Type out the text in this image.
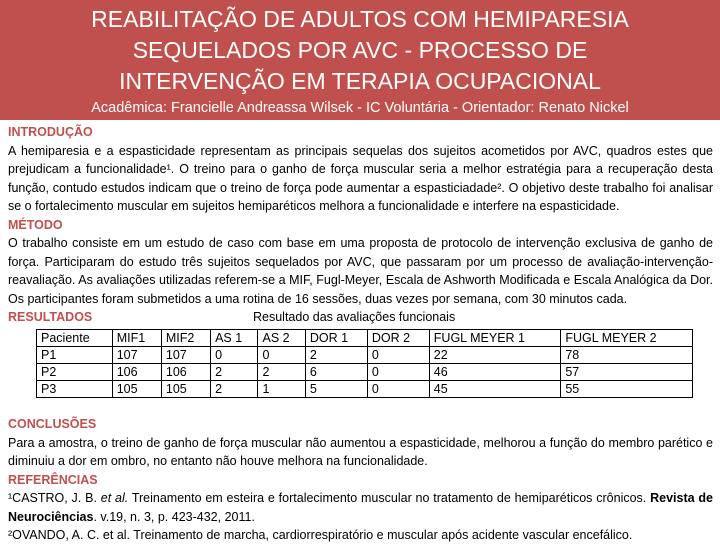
REABILITAÇÃO DE ADULTOS COM HEMIPARESIA
SEQUELADOS POR AVC - PROCESSO DE
INTERVENÇÃO EM TERAPIA OCUPACIONAL
Acadêmica: Francielle Andreassa Wilsek - IC Voluntária - Orientador: Renato Nickel
INTRODUÇÃO
A hemiparesia e a espasticidade representam as principais sequelas dos sujeitos acometidos por AVC, quadros estes que prejudicam a funcionalidade¹. O treino para o ganho de força muscular seria a melhor estratégia para a recuperação desta função, contudo estudos indicam que o treino de força pode aumentar a espasticiadade². O objetivo deste trabalho foi analisar se o fortalecimento muscular em sujeitos hemiparéticos melhora a funcionalidade e interfere na espasticidade.
MÉTODO
O trabalho consiste em um estudo de caso com base em uma proposta de protocolo de intervenção exclusiva de ganho de força. Participaram do estudo três sujeitos sequelados por AVC, que passaram por um processo de avaliação-intervenção-reavaliação. As avaliações utilizadas referem-se a MIF, Fugl-Meyer, Escala de Ashworth Modificada e Escala Analógica da Dor. Os participantes foram submetidos a uma rotina de 16 sessões, duas vezes por semana, com 30 minutos cada.
RESULTADOS	Resultado das avaliações funcionais
Paciente	MIF1	MIF2	AS 1	AS 2	DOR 1	DOR 2	FUGL MEYER 1	FUGL MEYER 2
P1	107	107	0	0	2	0	22	78
P2	106	106	2	2	6	0	46	57
P3	105	105	2	1	5	0	45	55
CONCLUSÕES
Para a amostra, o treino de ganho de força muscular não aumentou a espasticidade, melhorou a função do membro parético e diminuiu a dor em ombro, no entanto não houve melhora na funcionalidade.
REFERÊNCIAS
¹CASTRO, J. B. et al. Treinamento em esteira e fortalecimento muscular no tratamento de hemiparéticos crônicos. Revista de Neurociências. v.19, n. 3, p. 423-432, 2011.
²OVANDO, A. C. et al. Treinamento de marcha, cardiorrespiratório e muscular após acidente vascular encefálico.
